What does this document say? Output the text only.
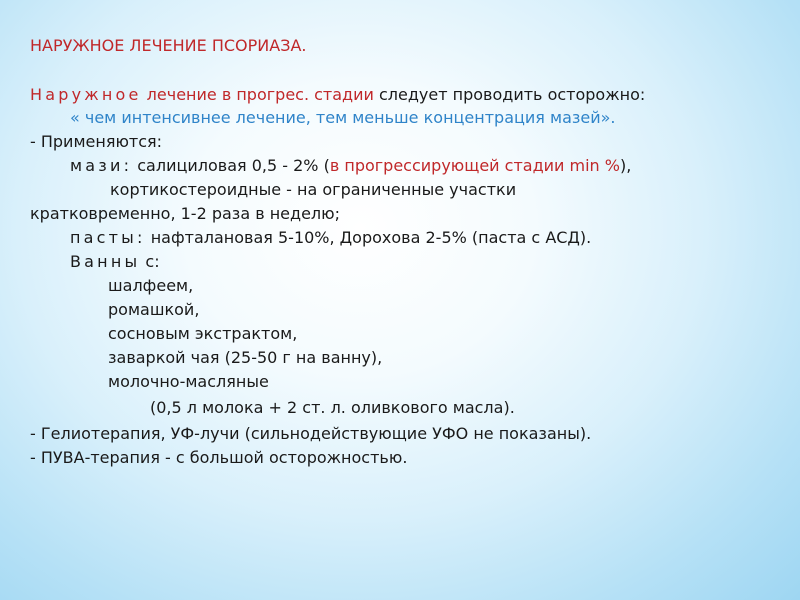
НАРУЖНОЕ ЛЕЧЕНИЕ ПСОРИАЗА.
Наружное лечение в прогрес. стадии следует проводить осторожно:
« чем интенсивнее лечение, тем меньше концентрация мазей».
- Применяются:
мази: салициловая 0,5 - 2% (в прогрессирующей стадии min %),
кортикостероидные - на ограниченные участки
кратковременно, 1-2 раза в неделю;
пасты: нафталановая 5-10%, Дорохова 2-5% (паста с АСД).
Ванны с:
шалфеем,
ромашкой,
сосновым экстрактом,
заваркой чая (25-50 г на ванну),
молочно-масляные
(0,5 л молока + 2 ст. л. оливкового масла).
- Гелиотерапия, УФ-лучи (сильнодействующие УФО не показаны).
- ПУВА-терапия - с большой осторожностью.
